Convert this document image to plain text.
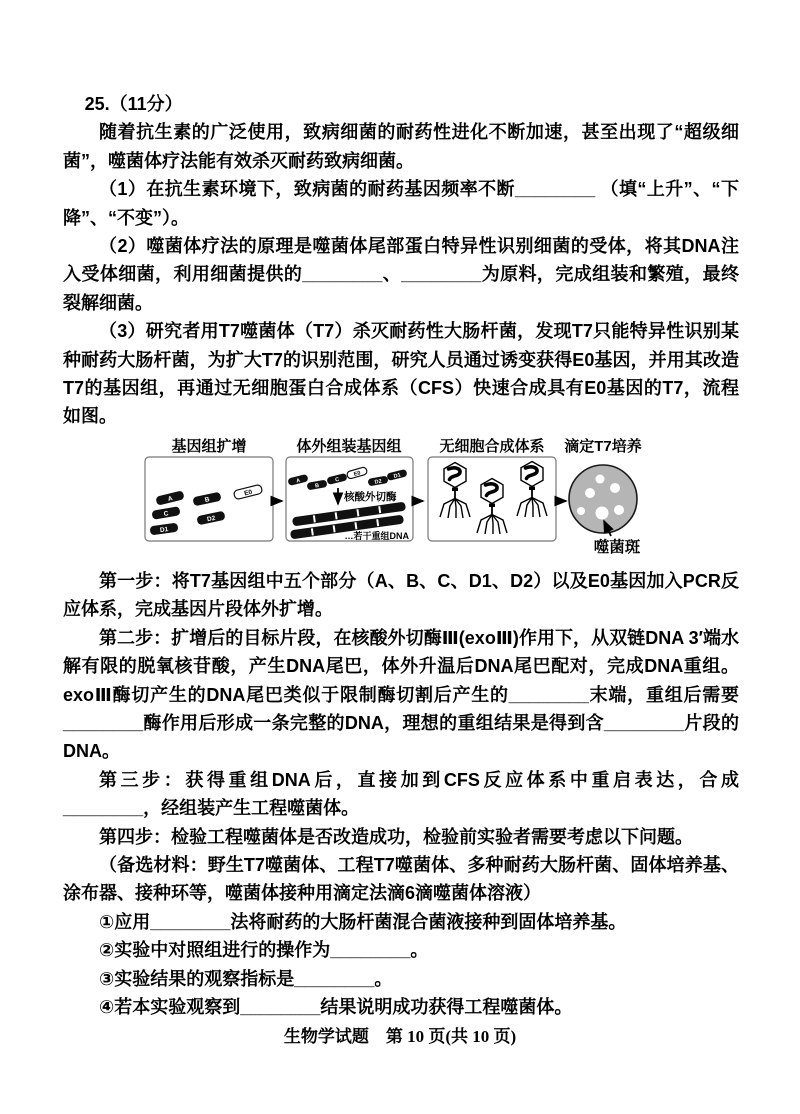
25.（11分）

随着抗生素的广泛使用，致病细菌的耐药性进化不断加速，甚至出现了“超级细菌”，噬菌体疗法能有效杀灭耐药致病细菌。

（1）在抗生素环境下，致病菌的耐药基因频率不断________ （填“上升”、“下降”、“不变”）。

（2）噬菌体疗法的原理是噬菌体尾部蛋白特异性识别细菌的受体，将其DNA注入受体细菌，利用细菌提供的________、________为原料，完成组装和繁殖，最终裂解细菌。

（3）研究者用T7噬菌体（T7）杀灭耐药性大肠杆菌，发现T7只能特异性识别某种耐药大肠杆菌，为扩大T7的识别范围，研究人员通过诱变获得E0基因，并用其改造T7的基因组，再通过无细胞蛋白合成体系（CFS）快速合成具有E0基因的T7，流程如图。

基因组扩增	体外组装基因组	无细胞合成体系 滴定T7培养
A	B
E0
C
D2
D1
A
B
C
E0
D2
D1
核酸外切酶
…若干重组DNA
噬菌斑

第一步：将T7基因组中五个部分（A、B、C、D1、D2）以及E0基因加入PCR反应体系，完成基因片段体外扩增。

第二步：扩增后的目标片段，在核酸外切酶Ⅲ(exoⅢ)作用下，从双链DNA 3′端水解有限的脱氧核苷酸，产生DNA尾巴，体外升温后DNA尾巴配对，完成DNA重组。exoⅢ酶切产生的DNA尾巴类似于限制酶切割后产生的________末端，重组后需要________酶作用后形成一条完整的DNA，理想的重组结果是得到含________片段的DNA。

第三步：获得重组DNA后，直接加到CFS反应体系中重启表达，合成________，经组装产生工程噬菌体。

第四步：检验工程噬菌体是否改造成功，检验前实验者需要考虑以下问题。

（备选材料：野生T7噬菌体、工程T7噬菌体、多种耐药大肠杆菌、固体培养基、涂布器、接种环等，噬菌体接种用滴定法滴6滴噬菌体溶液）

①应用________法将耐药的大肠杆菌混合菌液接种到固体培养基。

②实验中对照组进行的操作为________。

③实验结果的观察指标是________。

④若本实验观察到________结果说明成功获得工程噬菌体。

生物学试题　第 10 页(共 10 页)
